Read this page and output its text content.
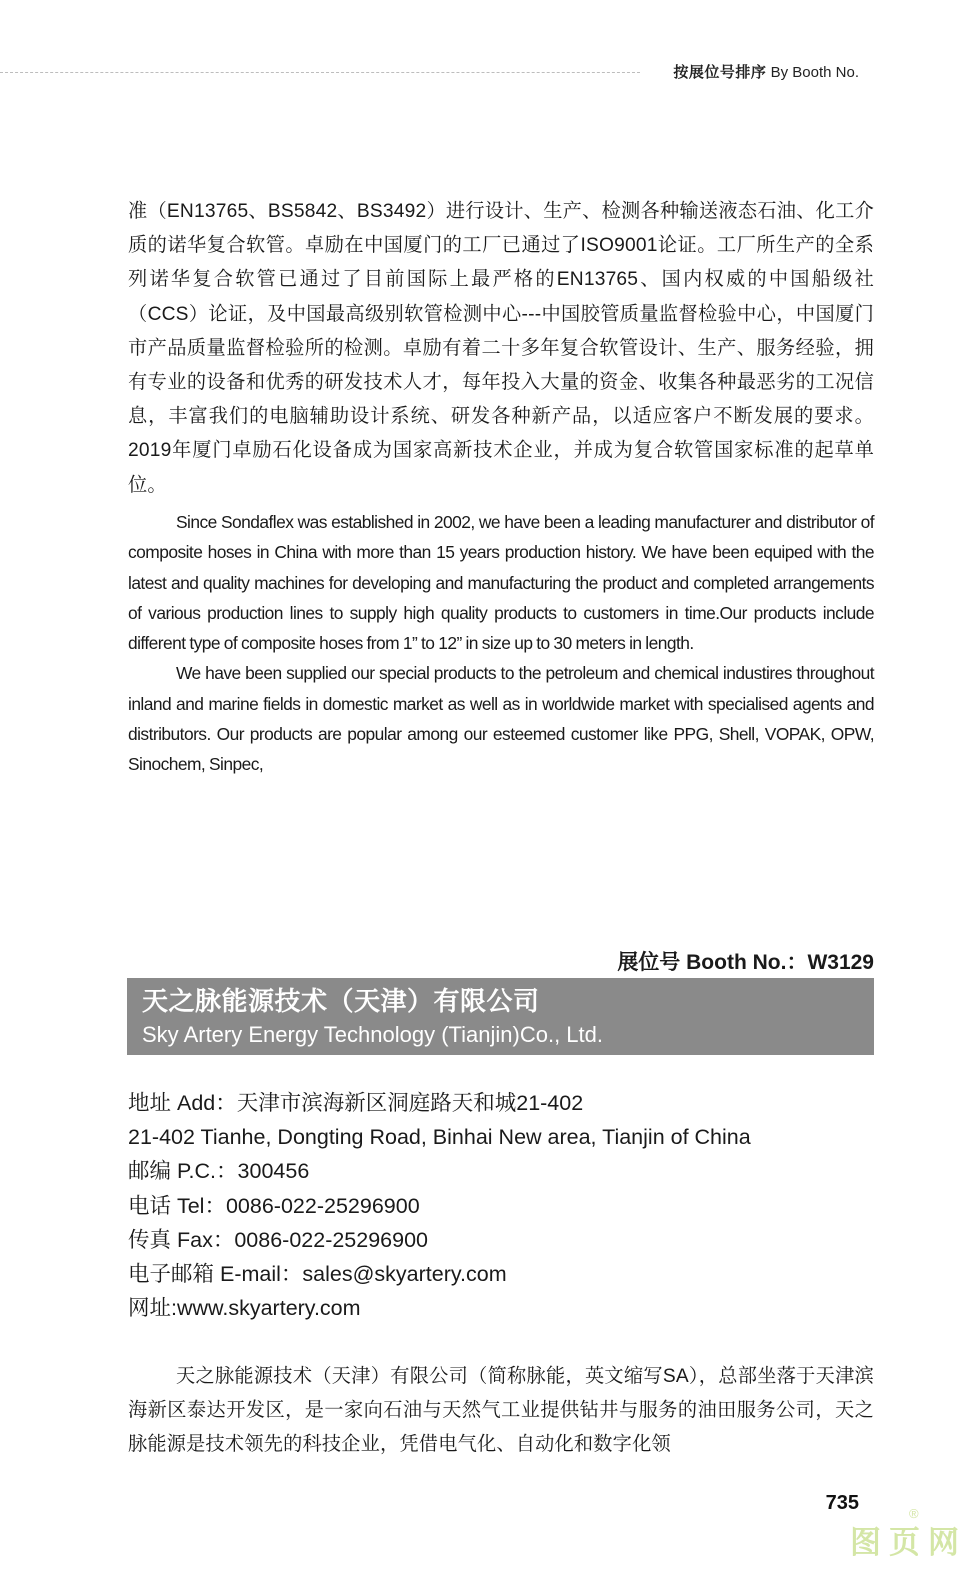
按展位号排序 By Booth No.
准（EN13765、BS5842、BS3492）进行设计、生产、检测各种输送液态石油、化工介质的诺华复合软管。卓励在中国厦门的工厂已通过了ISO9001论证。工厂所生产的全系列诺华复合软管已通过了目前国际上最严格的EN13765、国内权威的中国船级社（CCS）论证，及中国最高级别软管检测中心---中国胶管质量监督检验中心，中国厦门市产品质量监督检验所的检测。卓励有着二十多年复合软管设计、生产、服务经验，拥有专业的设备和优秀的研发技术人才，每年投入大量的资金、收集各种最恶劣的工况信息，丰富我们的电脑辅助设计系统、研发各种新产品，以适应客户不断发展的要求。2019年厦门卓励石化设备成为国家高新技术企业，并成为复合软管国家标准的起草单位。

Since Sondaflex was established in 2002, we have been a leading manufacturer and distributor of composite hoses in China with more than 15 years production history. We have been equiped with the latest and quality machines for developing and manufacturing the product and completed arrangements of various production lines to supply high quality products to customers in time.Our products include different type of composite hoses from 1” to 12” in size up to 30 meters in length.

We have been supplied our special products to the petroleum and chemical industires throughout inland and marine fields in domestic market as well as in worldwide market with specialised agents and distributors. Our products are popular among our esteemed customer like PPG, Shell, VOPAK, OPW, Sinochem, Sinpec,

展位号 Booth No.：W3129
天之脉能源技术（天津）有限公司
Sky Artery Energy Technology (Tianjin)Co., Ltd.
地址 Add：天津市滨海新区洞庭路天和城21-402
21-402 Tianhe, Dongting Road, Binhai New area, Tianjin of China
邮编 P.C.：300456
电话 Tel：0086-022-25296900
传真 Fax：0086-022-25296900
电子邮箱 E-mail：sales@skyartery.com
网址:www.skyartery.com
天之脉能源技术（天津）有限公司（简称脉能，英文缩写SA），总部坐落于天津滨海新区泰达开发区，是一家向石油与天然气工业提供钻井与服务的油田服务公司，天之脉能源是技术领先的科技企业，凭借电气化、自动化和数字化领
735
图页网
®
